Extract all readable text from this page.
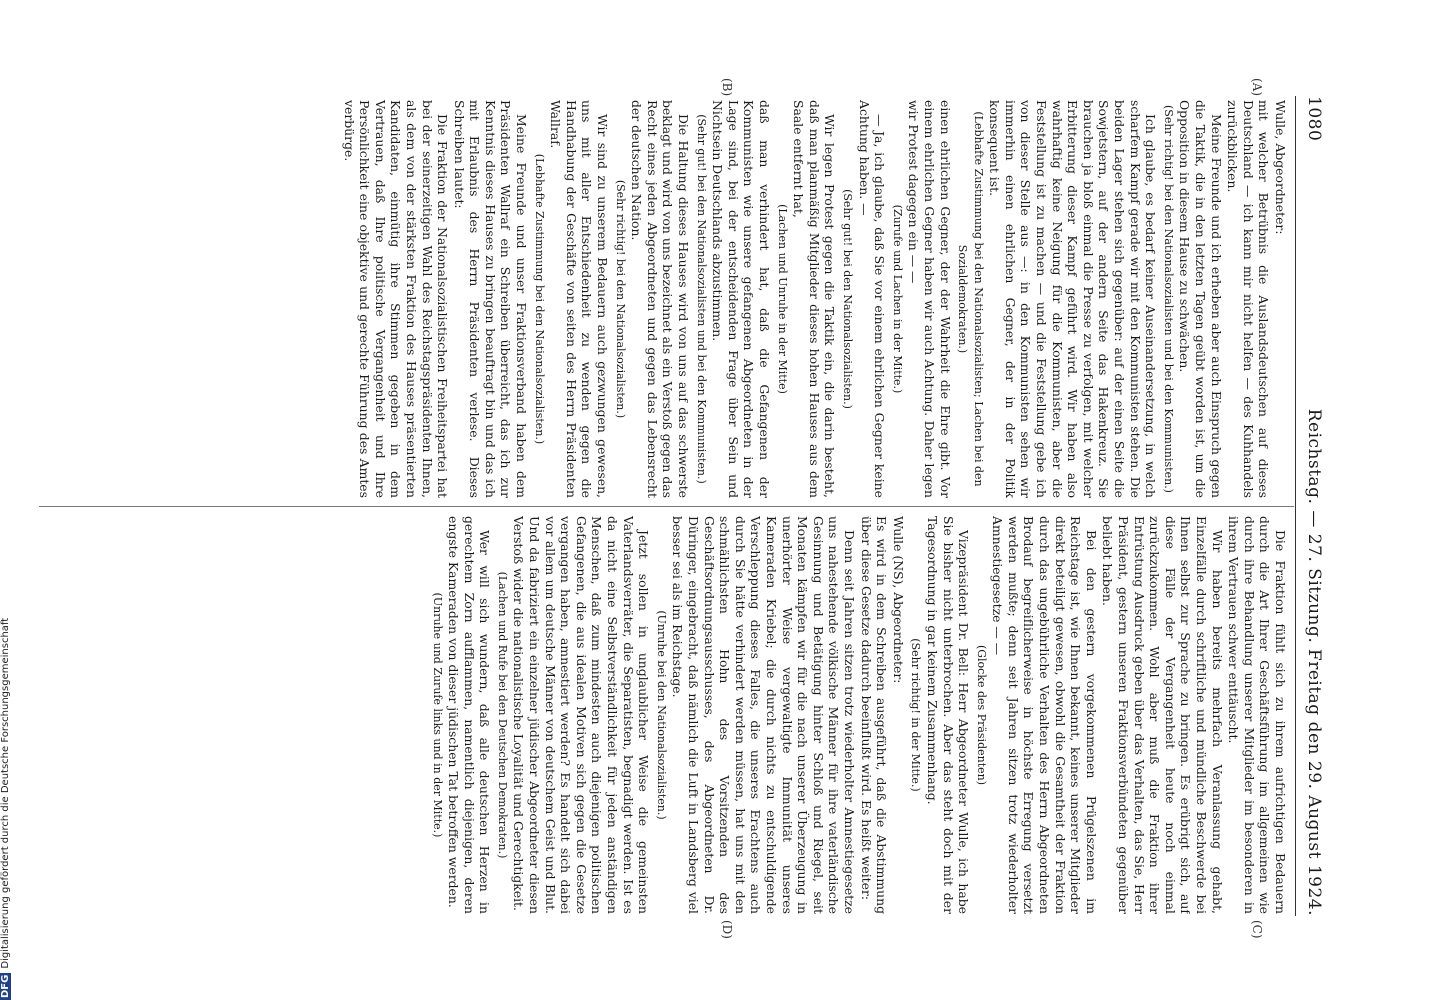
1080
Reichstag. — 27. Sitzung.
Freitag den 29. August 1924.
(A)
(B)
(C)
(D)

Wulle, Abgeordneter:

mit welcher Betrübnis die Auslandsdeutschen auf dieses Deutschland — ich kann mir nicht helfen — des Kuhhandels zurückblicken.

Meine Freunde und ich erheben aber auch Einspruch gegen die Taktik, die in den letzten Tagen geübt worden ist, um die Opposition in diesem Hause zu schwächen.

(Sehr richtig! bei den Nationalsozialisten und bei den Kommunisten.)

Ich glaube, es bedarf keiner Auseinandersetzung, in welch scharfem Kampf gerade wir mit den Kommunisten stehen. Die beiden Lager stehen sich gegenüber: auf der einen Seite die Sowjetstern, auf der andern Seite das Hakenkreuz. Sie brauchen ja bloß einmal die Presse zu verfolgen, mit welcher Erbitterung dieser Kampf geführt wird. Wir haben also wahrhaftig keine Neigung für die Kommunisten, aber die Feststellung ist zu machen — und die Feststellung gebe ich von dieser Stelle aus —: in den Kommunisten sehen wir immerhin einen ehrlichen Gegner, der in der Politik konsequent ist.

(Lebhafte Zustimmung bei den Nationalsozialisten; Lachen bei den Sozialdemokraten.)

einen ehrlichen Gegner, der der Wahrheit die Ehre gibt. Vor einem ehrlichen Gegner haben wir auch Achtung. Daher legen wir Protest dagegen ein — —

(Zurufe und Lachen in der Mitte.)

— Ja, ich glaube, daß Sie vor einem ehrlichen Gegner keine Achtung haben. —

(Sehr gut! bei den Nationalsozialisten.)

Wir legen Protest gegen die Taktik ein, die darin besteht, daß man planmäßig Mitglieder dieses hohen Hauses aus dem Saale entfernt hat,

(Lachen und Unruhe in der Mitte)

daß man verhindert hat, daß die Gefangenen der Kommunisten wie unsere gefangenen Abgeordneten in der Lage sind, bei der entscheidenden Frage über Sein und Nichtsein Deutschlands abzustimmen.

(Sehr gut! bei den Nationalsozialisten und bei den Kommunisten.)

Die Haltung dieses Hauses wird von uns auf das schwerste beklagt und wird von uns bezeichnet als ein Verstoß gegen das Recht eines jeden Abgeordneten und gegen das Lebensrecht der deutschen Nation.

(Sehr richtig! bei den Nationalsozialisten.)

Wir sind zu unserem Bedauern auch gezwungen gewesen, uns mit aller Entschiedenheit zu wenden gegen die Handhabung der Geschäfte von seiten des Herrn Präsidenten Wallraf.

(Lebhafte Zustimmung bei den Nationalsozialisten.)

Meine Freunde und unser Fraktionsverband haben dem Präsidenten Wallraf ein Schreiben überreicht, das ich zur Kenntnis dieses Hauses zu bringen beauftragt bin und das ich mit Erlaubnis des Herrn Präsidenten verlese. Dieses Schreiben lautet:

Die Fraktion der Nationalsozialistischen Freiheitspartei hat bei der seinerzeitigen Wahl des Reichstagspräsidenten Ihnen, als dem von der stärksten Fraktion des Hauses präsentierten Kandidaten, einmütig ihre Stimmen gegeben in dem Vertrauen, daß Ihre politische Vergangenheit und Ihre Persönlichkeit eine objektive und gerechte Führung des Amtes verbürge.

Die Fraktion fühlt sich zu ihrem aufrichtigen Bedauern durch die Art Ihrer Geschäftsführung im allgemeinen wie durch ihre Behandlung unserer Mitglieder im besonderen in ihrem Vertrauen schwer enttäuscht.

Wir haben bereits mehrfach Veranlassung gehabt, Einzelfälle durch schriftliche und mündliche Beschwerde bei Ihnen selbst zur Sprache zu bringen. Es erübrigt sich, auf diese Fälle der Vergangenheit heute noch einmal zurückzukommen. Wohl aber muß die Fraktion ihrer Entrüstung Ausdruck geben über das Verhalten, das Sie, Herr Präsident, gestern unseren Fraktionsverbündeten gegenüber beliebt haben.

Bei den gestern vorgekommenen Prügelszenen im Reichstage ist, wie Ihnen bekannt, keines unserer Mitglieder direkt beteiligt gewesen, obwohl die Gesamtheit der Fraktion durch das ungebührliche Verhalten des Herrn Abgeordneten Brodauf begreiflicherweise in höchste Erregung versetzt werden mußte; denn seit Jahren sitzen trotz wiederholter Amnestiegesetze — —

(Glocke des Präsidenten)

Vizepräsident Dr. Bell: Herr Abgeordneter Wulle, ich habe Sie bisher nicht unterbrochen. Aber das steht doch mit der Tagesordnung in gar keinem Zusammenhang.

(Sehr richtig! in der Mitte.)

Wulle (NS), Abgeordneter:

Es wird in dem Schreiben ausgeführt, daß die Abstimmung über diese Gesetze dadurch beeinflußt wird. Es heißt weiter:

Denn seit Jahren sitzen trotz wiederholter Amnestiegesetze uns nahestehende völkische Männer für ihre vaterländische Gesinnung und Betätigung hinter Schloß und Riegel, seit Monaten kämpfen wir für die nach unserer Überzeugung in unerhörter Weise vergewaltigte Immunität unseres Kameraden Kriebel; die durch nichts zu entschuldigende Verschleppung dieses Falles, die unseres Erachtens auch durch Sie hätte verhindert werden müssen, hat uns mit den schmählichsten Hohn des Vorsitzenden des Geschäftsordnungsausschusses, des Abgeordneten Dr. Düringer, eingebracht, daß nämlich die Luft in Landsberg viel besser sei als im Reichstage.

(Unruhe bei den Nationalsozialisten.)

Jetzt sollen in unglaublicher Weise die gemeinsten Vaterlandsverräter, die Separatisten, begnadigt werden. Ist es da nicht eine Selbstverständlichkeit für jeden anständigen Menschen, daß zum mindesten auch diejenigen politischen Gefangenen, die aus idealen Motiven sich gegen die Gesetze vergangen haben, amnestiert werden? Es handelt sich dabei vor allem um deutsche Männer von deutschem Geist und Blut. Und da fabriziert ein einzelner jüdischer Abgeordneter diesen Verstoß wider die nationalistische Loyalität und Gerechtigkeit.

(Lachen und Rufe bei den Deutschen Demokraten.)

Wer will sich wundern, daß alle deutschen Herzen in gerechtem Zorn aufflammen, namentlich diejenigen, deren engste Kameraden von dieser jüdischen Tat betroffen werden.

(Unruhe und Zurufe links und in der Mitte.)

DFGDigitalisierung gefördert durch die Deutsche Forschungsgemeinschaft
